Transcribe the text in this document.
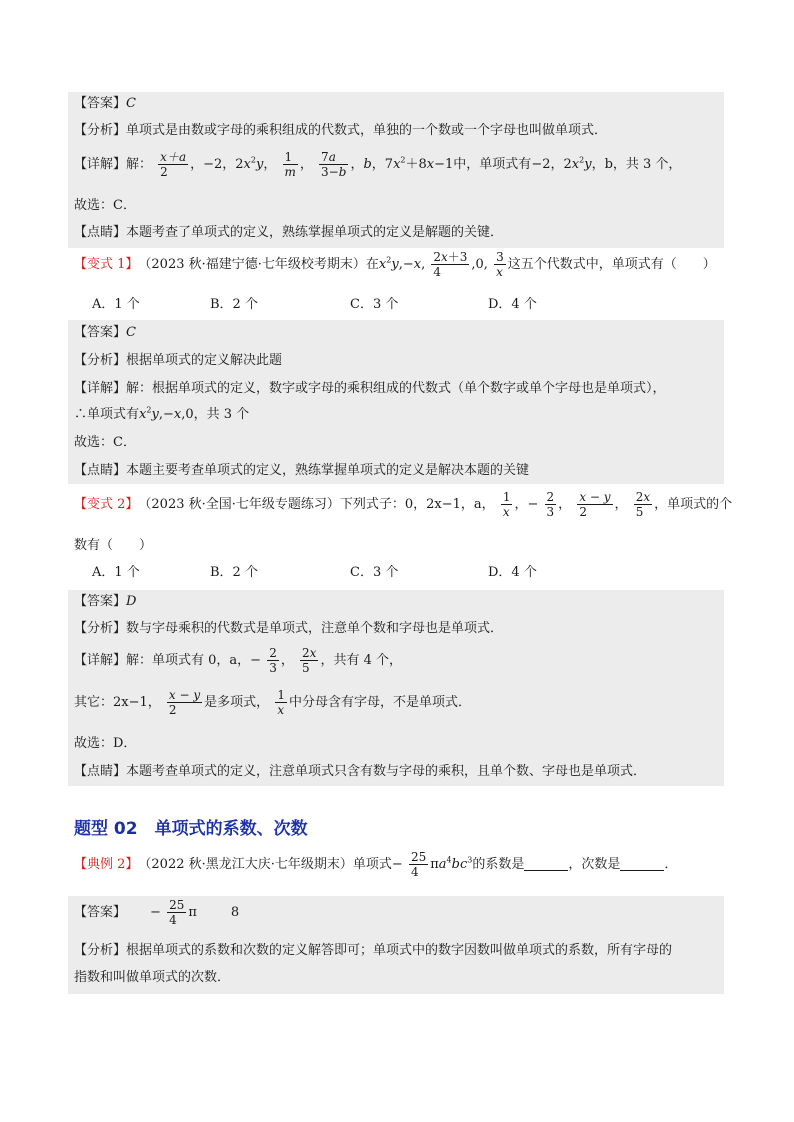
【答案】C
【分析】单项式是由数或字母的乘积组成的代数式，单独的一个数或一个字母也叫做单项式．
【详解】解： $\frac{x+a}{2}$ ，−2，$2x^2y$， $\frac{1}{m}$ ， $\frac{7a}{3-b}$ ，b，$7x^2+8x-1$中，单项式有−2，$2x^2y$，b，共 3 个，
故选：C．
【点睛】本题考查了单项式的定义，熟练掌握单项式的定义是解题的关键．
【变式 1】（2023 秋·福建宁德·七年级校考期末）在$x^2y,-x$, $\frac{2x+3}{4} ,0$, $\frac{3}{x}$ 这五个代数式中，单项式有（　　）
A．1 个	B．2 个	C．3 个	D．4 个
【答案】C
【分析】根据单项式的定义解决此题
【详解】解：根据单项式的定义，数字或字母的乘积组成的代数式（单个数字或单个字母也是单项式），
∴单项式有$x^2y,-x,0$，共 3 个
故选：C．
【点睛】本题主要考查单项式的定义，熟练掌握单项式的定义是解决本题的关键
【变式 2】（2023 秋·全国·七年级专题练习）下列式子：0，2x−1，a， $\frac{1}{x}$ ，− $\frac{2}{3}$ ， $\frac{x - y}{2}$ ， $\frac{2x}{5}$ ，单项式的个
数有（　　）
A．1 个	B．2 个	C．3 个	D．4 个
【答案】D
【分析】数与字母乘积的代数式是单项式，注意单个数和字母也是单项式．
【详解】解：单项式有 0，a，− $\frac{2}{3}$ ， $\frac{2x}{5}$ ，共有 4 个，
其它：2x−1， $\frac{x - y}{2}$ 是多项式， $\frac{1}{x}$ 中分母含有字母，不是单项式．
故选：D．
【点睛】本题考查单项式的定义，注意单项式只含有数与字母的乘积，且单个数、字母也是单项式．
题型 02　单项式的系数、次数
【典例 2】（2022 秋·黑龙江大庆·七年级期末）单项式− $\frac{25}{4} \pi a^4bc^3$的系数是	，次数是	．
【答案】 − $\frac{25}{4}$ π	8
【分析】根据单项式的系数和次数的定义解答即可；单项式中的数字因数叫做单项式的系数，所有字母的
指数和叫做单项式的次数．
